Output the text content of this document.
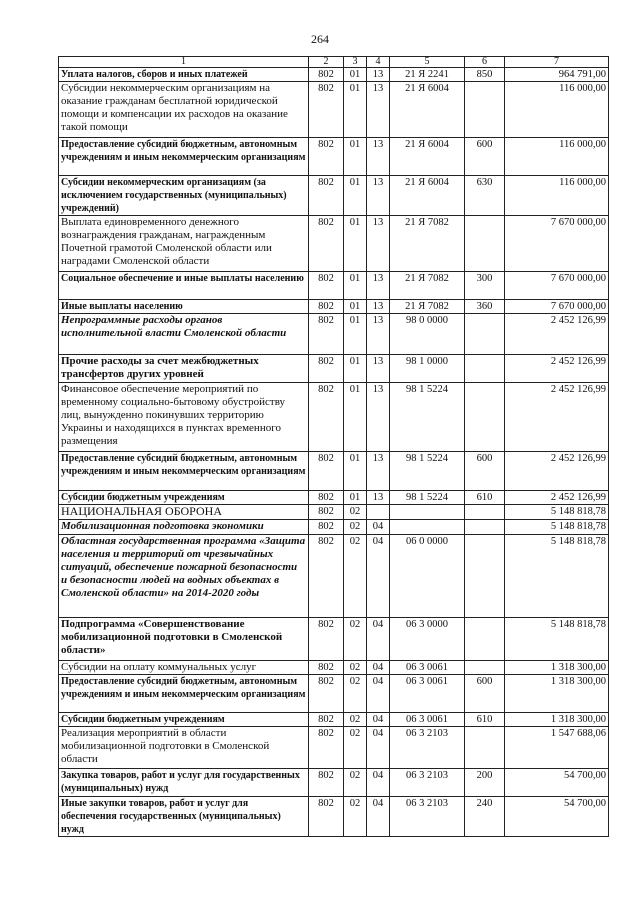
264
1	2	3	4	5	6	7
Уплата налогов, сборов и иных платежей	802	01	13	21 Я 2241	850	964 791,00
Субсидии некоммерческим организациям на оказание гражданам бесплатной юридической помощи и компенсации их расходов на оказание такой помощи	802	01	13	21 Я 6004		116 000,00
Предоставление субсидий бюджетным, автономным учреждениям и иным некоммерческим организациям	802	01	13	21 Я 6004	600	116 000,00
Субсидии некоммерческим организациям (за исключением государственных (муниципальных) учреждений)	802	01	13	21 Я 6004	630	116 000,00
Выплата единовременного денежного вознаграждения гражданам, награжденным Почетной грамотой Смоленской области или наградами Смоленской области	802	01	13	21 Я 7082		7 670 000,00
Социальное обеспечение и иные выплаты населению	802	01	13	21 Я 7082	300	7 670 000,00
Иные выплаты населению	802	01	13	21 Я 7082	360	7 670 000,00
Непрограммные расходы органов исполнительной власти Смоленской области	802	01	13	98 0 0000		2 452 126,99
Прочие расходы за счет межбюджетных трансфертов других уровней	802	01	13	98 1 0000		2 452 126,99
Финансовое обеспечение мероприятий по временному социально-бытовому обустройству лиц, вынужденно покинувших территорию Украины и находящихся в пунктах временного размещения	802	01	13	98 1 5224		2 452 126,99
Предоставление субсидий бюджетным, автономным учреждениям и иным некоммерческим организациям	802	01	13	98 1 5224	600	2 452 126,99
Субсидии бюджетным учреждениям	802	01	13	98 1 5224	610	2 452 126,99
НАЦИОНАЛЬНАЯ ОБОРОНА	802	02				5 148 818,78
Мобилизационная подготовка экономики	802	02	04			5 148 818,78
Областная государственная программа «Защита населения и территорий от чрезвычайных ситуаций, обеспечение пожарной безопасности и безопасности людей на водных объектах в Смоленской области» на 2014-2020 годы	802	02	04	06 0 0000		5 148 818,78
Подпрограмма «Совершенствование мобилизационной подготовки в Смоленской области»	802	02	04	06 3 0000		5 148 818,78
Субсидии на оплату коммунальных услуг	802	02	04	06 3 0061		1 318 300,00
Предоставление субсидий бюджетным, автономным учреждениям и иным некоммерческим организациям	802	02	04	06 3 0061	600	1 318 300,00
Субсидии бюджетным учреждениям	802	02	04	06 3 0061	610	1 318 300,00
Реализация мероприятий в области мобилизационной подготовки в Смоленской области	802	02	04	06 3 2103		1 547 688,06
Закупка товаров, работ и услуг для государственных (муниципальных) нужд	802	02	04	06 3 2103	200	54 700,00
Иные закупки товаров, работ и услуг для обеспечения государственных (муниципальных) нужд	802	02	04	06 3 2103	240	54 700,00
